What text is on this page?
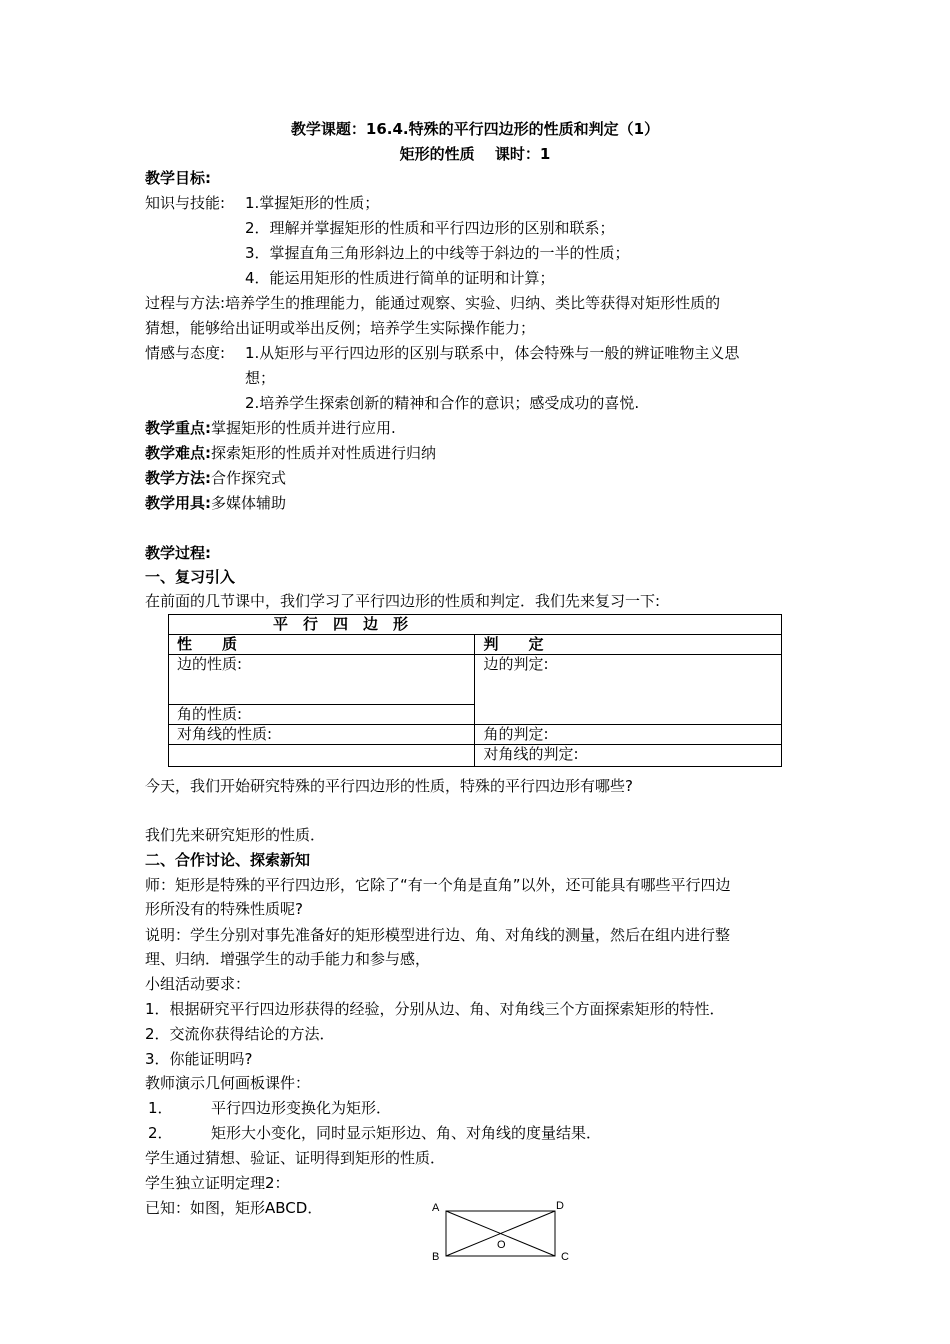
教学课题：16.4.特殊的平行四边形的性质和判定（1）
矩形的性质　 课时：1
教学目标:
知识与技能: 1.掌握矩形的性质；
2．理解并掌握矩形的性质和平行四边形的区别和联系；
3．掌握直角三角形斜边上的中线等于斜边的一半的性质；
4．能运用矩形的性质进行简单的证明和计算；
过程与方法:培养学生的推理能力，能通过观察、实验、归纳、类比等获得对矩形性质的
猜想，能够给出证明或举出反例；培养学生实际操作能力；
情感与态度: 1.从矩形与平行四边形的区别与联系中，体会特殊与一般的辨证唯物主义思
想；
2.培养学生探索创新的精神和合作的意识；感受成功的喜悦.
教学重点:掌握矩形的性质并进行应用.
教学难点:探索矩形的性质并对性质进行归纳
教学方法:合作探究式
教学用具:多媒体辅助
教学过程:
一、复习引入
在前面的几节课中，我们学习了平行四边形的性质和判定．我们先来复习一下:
平　行　四　边　形	
性　　质	判　　定
边的性质:	边的判定:
角的性质:	
对角线的性质:	角的判定:
	对角线的判定:
今天，我们开始研究特殊的平行四边形的性质，特殊的平行四边形有哪些?
我们先来研究矩形的性质．
二、合作讨论、探索新知
师：矩形是特殊的平行四边形，它除了“有一个角是直角”以外，还可能具有哪些平行四边
形所没有的特殊性质呢?
说明：学生分别对事先准备好的矩形模型进行边、角、对角线的测量，然后在组内进行整
理、归纳．增强学生的动手能力和参与感，
小组活动要求：
1．根据研究平行四边形获得的经验，分别从边、角、对角线三个方面探索矩形的特性．
2．交流你获得结论的方法．
3．你能证明吗?
教师演示几何画板课件：
1．	平行四边形变换化为矩形．
2．	矩形大小变化，同时显示矩形边、角、对角线的度量结果．
学生通过猜想、验证、证明得到矩形的性质．
学生独立证明定理2：
已知：如图，矩形ABCD．	A
B	C
D
O
